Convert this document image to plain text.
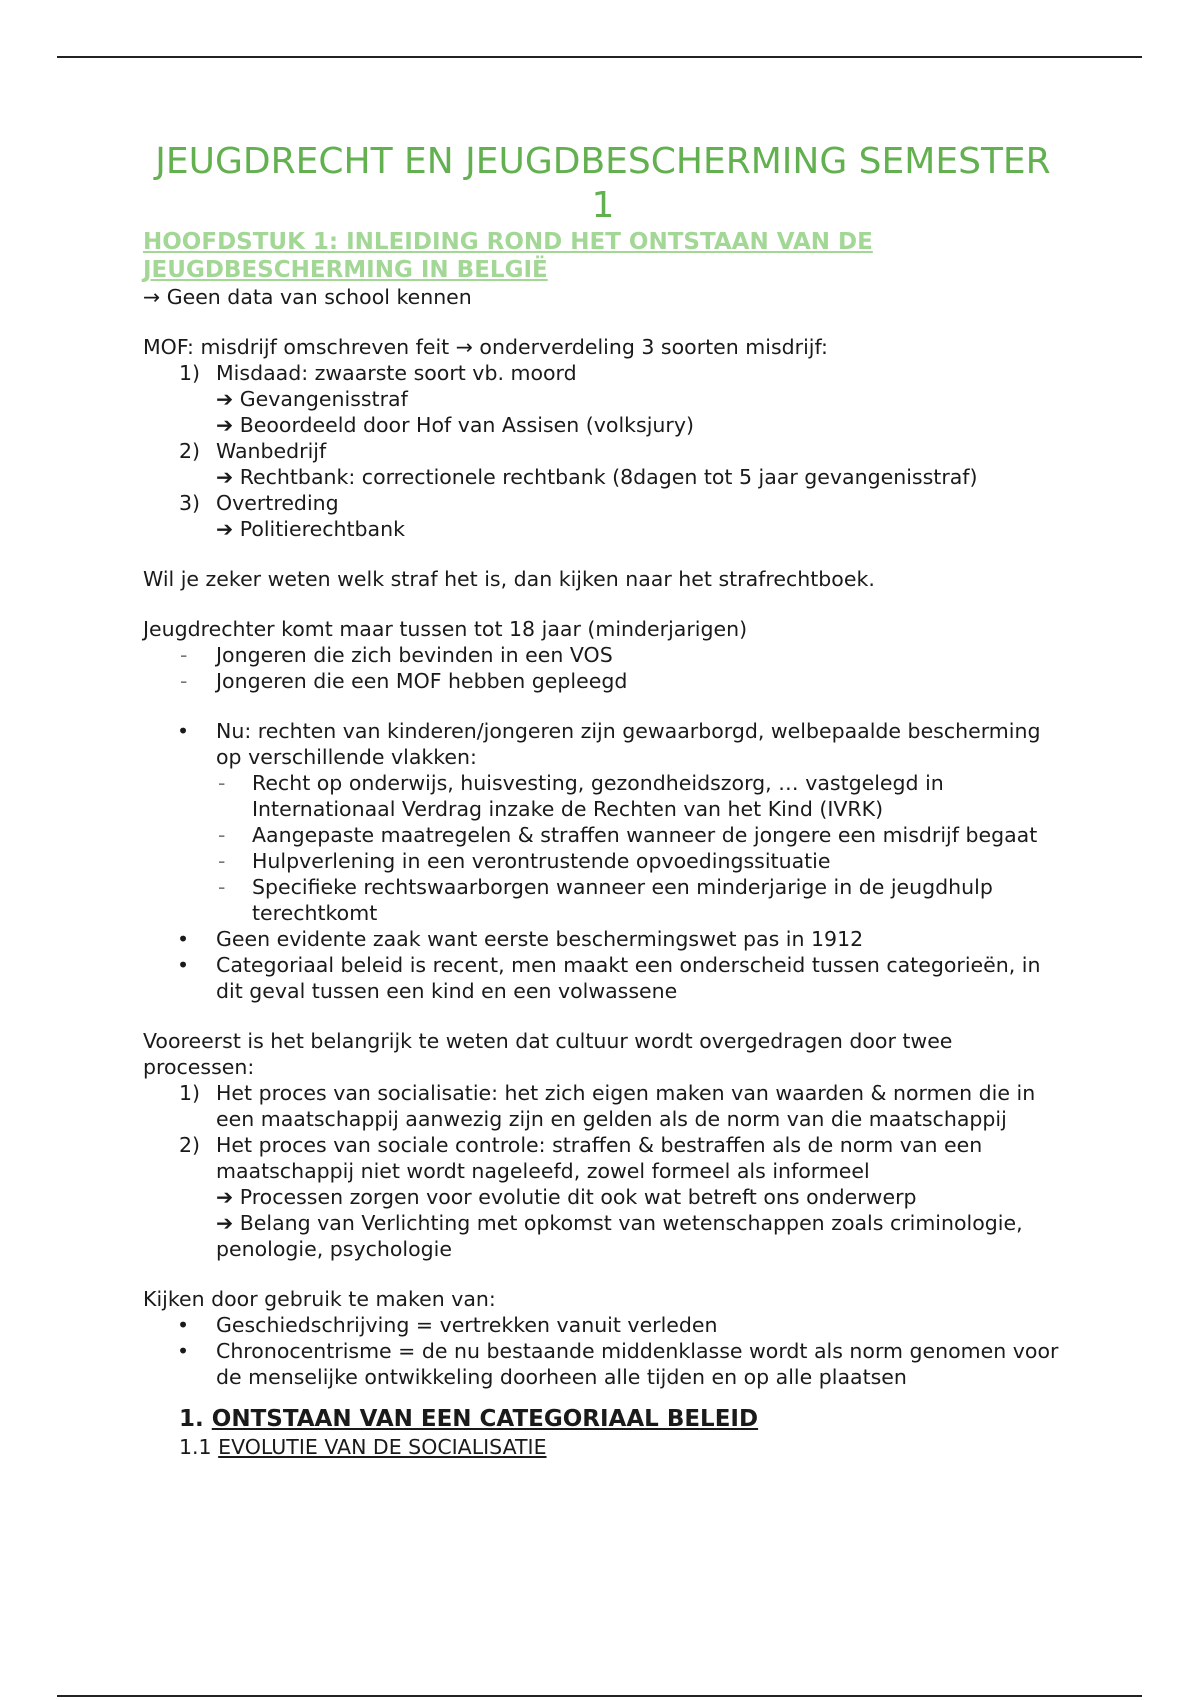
JEUGDRECHT EN JEUGDBESCHERMING SEMESTER 1
HOOFDSTUK 1: INLEIDING ROND HET ONTSTAAN VAN DE JEUGDBESCHERMING IN BELGIË

→ Geen data van school kennen

MOF: misdrijf omschreven feit → onderverdeling 3 soorten misdrijf:

1) Misdaad: zwaarste soort vb. moord
➔ Gevangenisstraf
➔ Beoordeeld door Hof van Assisen (volksjury)
2) Wanbedrijf
➔ Rechtbank: correctionele rechtbank (8dagen tot 5 jaar gevangenisstraf)
3) Overtreding
➔ Politierechtbank

Wil je zeker weten welk straf het is, dan kijken naar het strafrechtboek.

Jeugdrechter komt maar tussen tot 18 jaar (minderjarigen)

- Jongeren die zich bevinden in een VOS
- Jongeren die een MOF hebben gepleegd
• Nu: rechten van kinderen/jongeren zijn gewaarborgd, welbepaalde bescherming op verschillende vlakken:
- Recht op onderwijs, huisvesting, gezondheidszorg, … vastgelegd in Internationaal Verdrag inzake de Rechten van het Kind (IVRK)
- Aangepaste maatregelen & straffen wanneer de jongere een misdrijf begaat
- Hulpverlening in een verontrustende opvoedingssituatie
- Specifieke rechtswaarborgen wanneer een minderjarige in de jeugdhulp terechtkomt
• Geen evidente zaak want eerste beschermingswet pas in 1912
• Categoriaal beleid is recent, men maakt een onderscheid tussen categorieën, in dit geval tussen een kind en een volwassene

Vooreerst is het belangrijk te weten dat cultuur wordt overgedragen door twee processen:

1) Het proces van socialisatie: het zich eigen maken van waarden & normen die in een maatschappij aanwezig zijn en gelden als de norm van die maatschappij
2) Het proces van sociale controle: straffen & bestraffen als de norm van een maatschappij niet wordt nageleefd, zowel formeel als informeel
➔ Processen zorgen voor evolutie dit ook wat betreft ons onderwerp
➔ Belang van Verlichting met opkomst van wetenschappen zoals criminologie, penologie, psychologie

Kijken door gebruik te maken van:

• Geschiedschrijving = vertrekken vanuit verleden
• Chronocentrisme = de nu bestaande middenklasse wordt als norm genomen voor de menselijke ontwikkeling doorheen alle tijden en op alle plaatsen
1. ONTSTAAN VAN EEN CATEGORIAAL BELEID
1.1 EVOLUTIE VAN DE SOCIALISATIE
